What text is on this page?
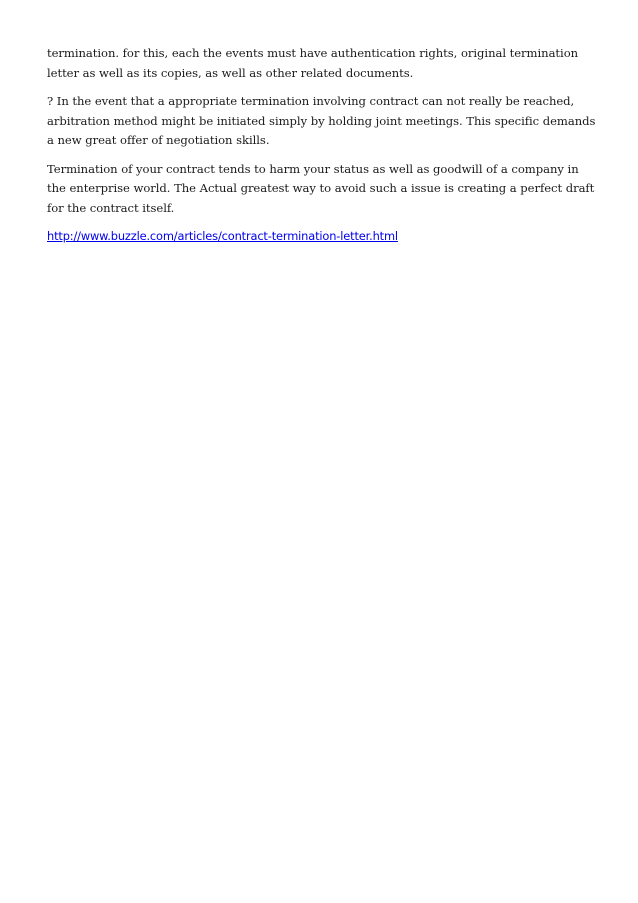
termination. for this, each the events must have authentication rights, original termination letter as well as its copies, as well as other related documents.

? In the event that a appropriate termination involving contract can not really be reached, arbitration method might be initiated simply by holding joint meetings. This specific demands a new great offer of negotiation skills.

Termination of your contract tends to harm your status as well as goodwill of a company in the enterprise world. The Actual greatest way to avoid such a issue is creating a perfect draft for the contract itself.

http://www.buzzle.com/articles/contract-termination-letter.html
